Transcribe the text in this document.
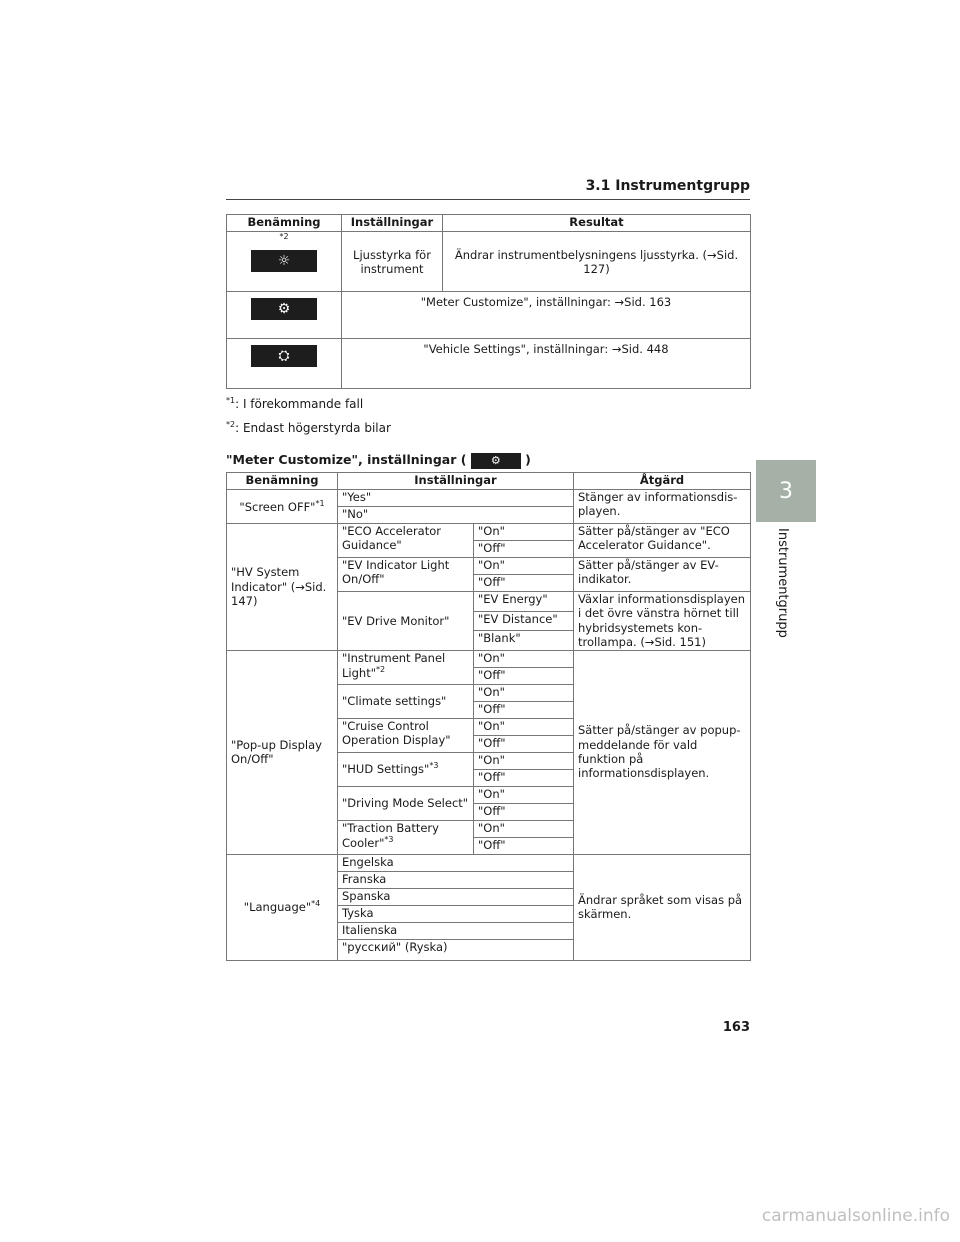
3.1 Instrumentgrupp
3
Instrumentgrupp
Benämning	Inställningar	Resultat

*2
☼	Ljusstyrka för instrument	Ändrar instrumentbelysningens ljusstyrka. (→Sid. 127)
⚙	"Meter Customize", inställningar: →Sid. 163	
⛭	"Vehicle Settings", inställningar: →Sid. 448	
$^{*1}$: I förekommande fall
$^{*2}$: Endast högerstyrda bilar
"Meter Customize", inställningar ( ⚙ )
Benämning	Inställningar		Åtgärd
"Screen OFF"$^{*1}$	"Yes"		Stänger av informationsdis- playen.
	"No"		
"HV System Indicator" (→Sid. 147)	"ECO Accelerator Guidance"	"On"	Sätter på/stänger av "ECO Accelerator Guidance".
		"Off"	
	"EV Indicator Light On/Off"	"On"	Sätter på/stänger av EV- indikator.
		"Off"	
	"EV Drive Monitor"	"EV Energy"	Växlar informationsdisplayen i det övre vänstra hörnet till hybridsystemets kon- trollampa. (→Sid. 151)
		"EV Distance"	
		"Blank"	
"Pop-up Display On/Off"	"Instrument Panel Light"$^{*2}$	"On"	Sätter på/stänger av popup- meddelande för vald funktion på informationsdisplayen.
		"Off"	
	"Climate settings"	"On"	
		"Off"	
	"Cruise Control Operation Display"	"On"	
		"Off"	
	"HUD Settings"$^{*3}$	"On"	
		"Off"	
	"Driving Mode Select"	"On"	
		"Off"	
	"Traction Battery Cooler"$^{*3}$	"On"	
		"Off"	
"Language"$^{*4}$	Engelska		Ändrar språket som visas på skärmen.
	Franska		
	Spanska		
	Tyska		
	Italienska		
	"русский" (Ryska)		
163
carmanualsonline.info
